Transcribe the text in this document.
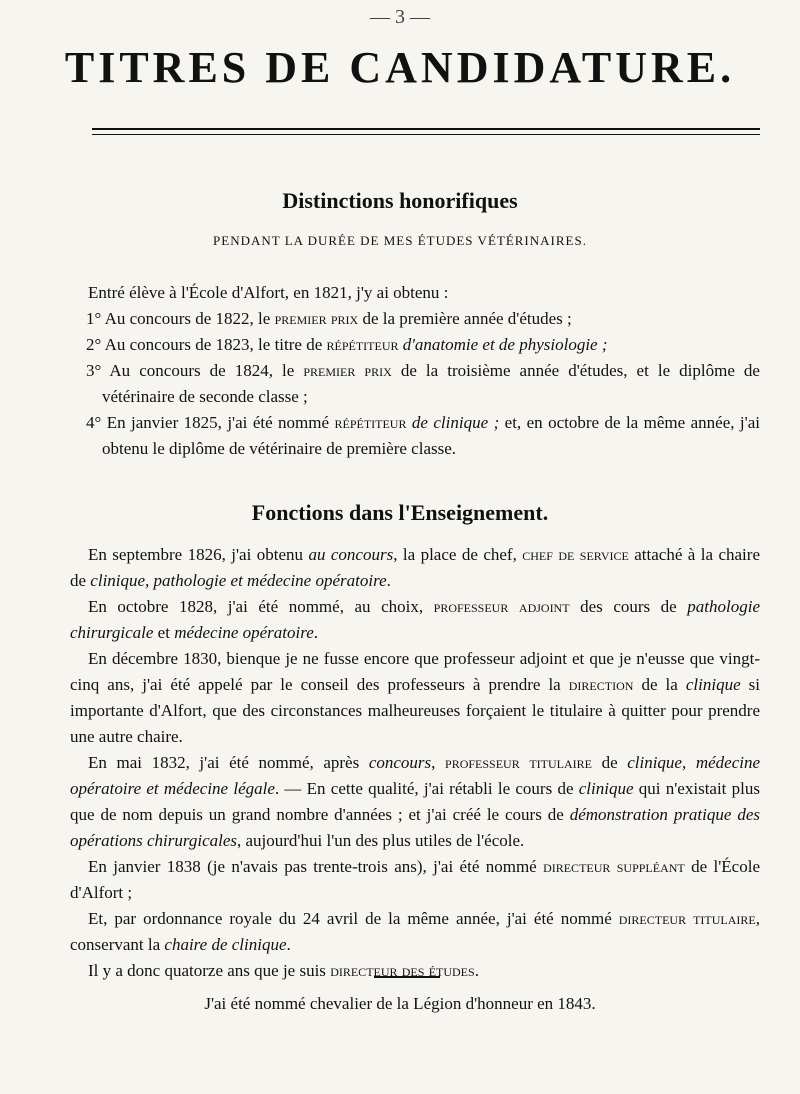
— 3 —
TITRES DE CANDIDATURE.
Distinctions honorifiques
PENDANT LA DURÉE DE MES ÉTUDES VÉTÉRINAIRES.

Entré élève à l'École d'Alfort, en 1821, j'y ai obtenu :

1° Au concours de 1822, le premier prix de la première année d'études ;

2° Au concours de 1823, le titre de répétiteur d'anatomie et de physiologie ;

3° Au concours de 1824, le premier prix de la troisième année d'études, et le diplôme de vétérinaire de seconde classe ;

4° En janvier 1825, j'ai été nommé répétiteur de clinique ; et, en octobre de la même année, j'ai obtenu le diplôme de vétérinaire de première classe.

Fonctions dans l'Enseignement.

En septembre 1826, j'ai obtenu au concours, la place de chef, chef de service attaché à la chaire de clinique, pathologie et médecine opératoire.

En octobre 1828, j'ai été nommé, au choix, professeur adjoint des cours de pathologie chirurgicale et médecine opératoire.

En décembre 1830, bienque je ne fusse encore que professeur adjoint et que je n'eusse que vingt-cinq ans, j'ai été appelé par le conseil des professeurs à prendre la direction de la clinique si importante d'Alfort, que des circonstances malheureuses forçaient le titulaire à quitter pour prendre une autre chaire.

En mai 1832, j'ai été nommé, après concours, professeur titulaire de clinique, médecine opératoire et médecine légale. — En cette qualité, j'ai rétabli le cours de clinique qui n'existait plus que de nom depuis un grand nombre d'années ; et j'ai créé le cours de démonstration pratique des opérations chirurgicales, aujourd'hui l'un des plus utiles de l'école.

En janvier 1838 (je n'avais pas trente-trois ans), j'ai été nommé directeur suppléant de l'École d'Alfort ;

Et, par ordonnance royale du 24 avril de la même année, j'ai été nommé directeur titulaire, conservant la chaire de clinique.

Il y a donc quatorze ans que je suis directeur des études.

J'ai été nommé chevalier de la Légion d'honneur en 1843.
